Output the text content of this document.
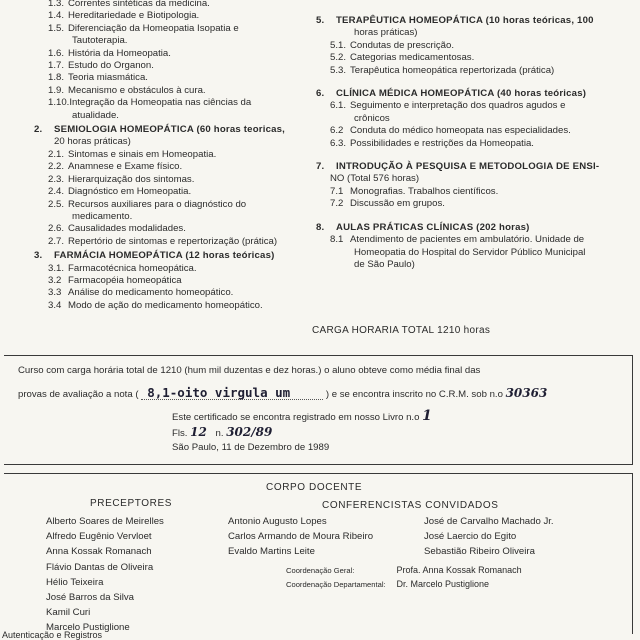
1.3. Correntes sintéticas da medicina.
1.4. Hereditariedade e Biotipologia.
1.5. Diferenciação da Homeopatia Isopatia e
Tautoterapia.
1.6. História da Homeopatia.
1.7. Estudo do Organon.
1.8. Teoria miasmática.
1.9. Mecanismo e obstáculos à cura.
1.10. Integração da Homeopatia nas ciências da
atualidade.
2.	SEMIOLOGIA HOMEOPÁTICA (60 horas teoricas,
20 horas práticas)
2.1. Sintomas e sinais em Homeopatia.
2.2. Anamnese e Exame físico.
2.3. Hierarquização dos sintomas.
2.4. Diagnóstico em Homeopatia.
2.5. Recursos auxiliares para o diagnóstico do
medicamento.
2.6. Causalidades modalidades.
2.7. Repertório de sintomas e repertorização (prática)
3.	FARMÁCIA HOMEOPÁTICA (12 horas teóricas)
3.1. Farmacotécnica homeopática.
3.2 Farmacopéia homeopática
3.3 Análise do medicamento homeopático.
3.4 Modo de ação do medicamento homeopático.
5.	TERAPÊUTICA HOMEOPÁTICA (10 horas teóricas, 100
horas práticas)
5.1. Condutas de prescrição.
5.2. Categorias medicamentosas.
5.3. Terapêutica homeopática repertorizada (prática)
6.	CLÍNICA MÉDICA HOMEOPÁTICA (40 horas teóricas)
6.1. Seguimento e interpretação dos quadros agudos e
crônicos
6.2 Conduta do médico homeopata nas especialidades.
6.3. Possibilidades e restrições da Homeopatia.
7.	INTRODUÇÃO À PESQUISA E METODOLOGIA DE ENSI-
NO (Total 576 horas)
7.1 Monografias. Trabalhos científicos.
7.2 Discussão em grupos.
8.	AULAS PRÁTICAS CLÍNICAS (202 horas)
8.1 Atendimento de pacientes em ambulatório. Unidade de
Homeopatia do Hospital do Servidor Público Municipal
de São Paulo)
CARGA HORARIA TOTAL 1210 horas
Curso com carga horária total de 1210 (hum mil duzentas e dez horas.) o aluno obteve como média final das
provas de avaliação a nota ( 8,1-oito virgula um	) e se encontra inscrito no C.R.M. sob n.o 30363
Este certificado se encontra registrado em nosso Livro n.o 1
Fls. 12 n. 302/89
São Paulo, 11 de Dezembro de 1989
CORPO DOCENTE
PRECEPTORES	CONFERENCISTAS CONVIDADOS
Alberto Soares de Meirelles
Alfredo Eugênio Vervloet
Anna Kossak Romanach
Flávio Dantas de Oliveira
Hélio Teixeira
José Barros da Silva
Kamil Curi
Marcelo Pustiglione
Antonio Augusto Lopes
Carlos Armando de Moura Ribeiro
Evaldo Martins Leite
José de Carvalho Machado Jr.
José Laercio do Egito
Sebastião Ribeiro Oliveira
Coordenação Geral:	Profa. Anna Kossak Romanach
Coordenação Departamental: Dr. Marcelo Pustiglione
Autenticação e Registros
